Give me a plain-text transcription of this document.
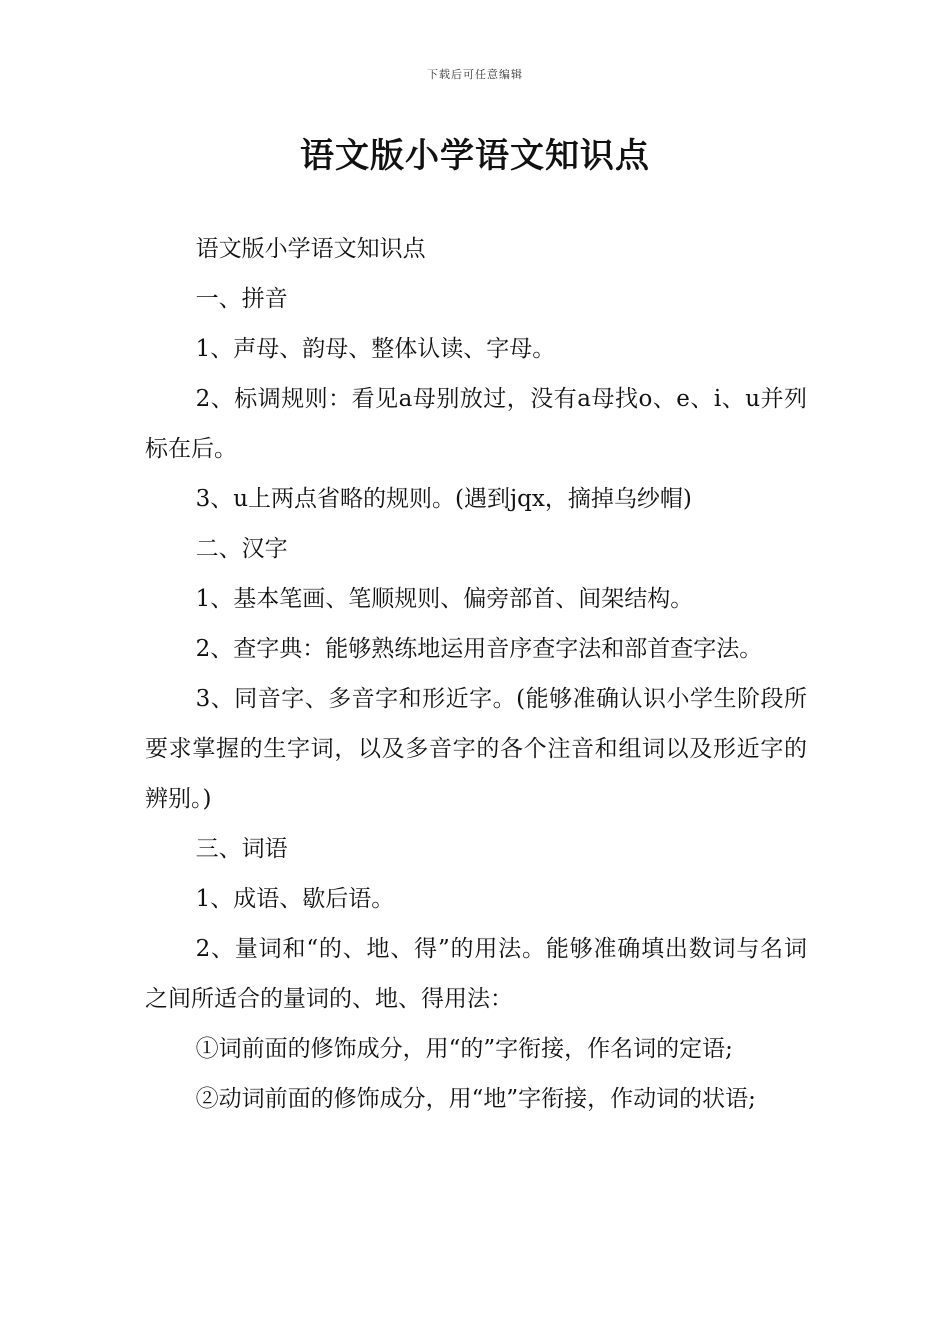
下载后可任意编辑
语文版小学语文知识点

语文版小学语文知识点

一、拼音

1、声母、韵母、整体认读、字母。

2、标调规则：看见a母别放过，没有a母找o、e、i、u并列标在后。

3、u上两点省略的规则。(遇到jqx，摘掉乌纱帽)

二、汉字

1、基本笔画、笔顺规则、偏旁部首、间架结构。

2、查字典：能够熟练地运用音序查字法和部首查字法。

3、同音字、多音字和形近字。(能够准确认识小学生阶段所要求掌握的生字词，以及多音字的各个注音和组词以及形近字的辨别。)

三、词语

1、成语、歇后语。

2、量词和“的、地、得”的用法。能够准确填出数词与名词之间所适合的量词的、地、得用法：

①词前面的修饰成分，用“的”字衔接，作名词的定语;

②动词前面的修饰成分，用“地”字衔接，作动词的状语;
